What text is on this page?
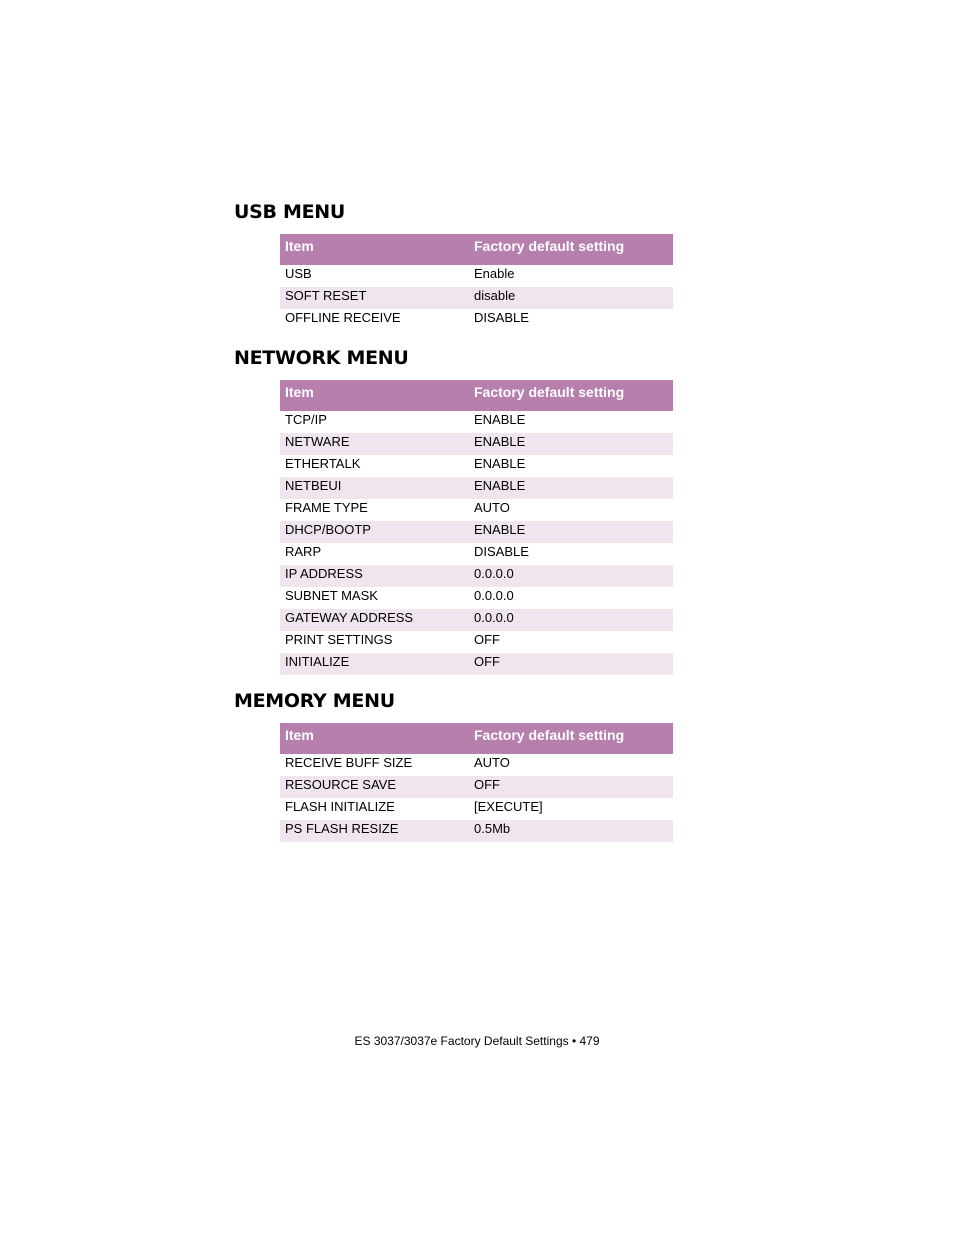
USB MENU
Item	Factory default setting
USB	Enable
SOFT RESET	disable
OFFLINE RECEIVE	DISABLE
NETWORK MENU
Item	Factory default setting
TCP/IP	ENABLE
NETWARE	ENABLE
ETHERTALK	ENABLE
NETBEUI	ENABLE
FRAME TYPE	AUTO
DHCP/BOOTP	ENABLE
RARP	DISABLE
IP ADDRESS	0.0.0.0
SUBNET MASK	0.0.0.0
GATEWAY ADDRESS	0.0.0.0
PRINT SETTINGS	OFF
INITIALIZE	OFF
MEMORY MENU
Item	Factory default setting
RECEIVE BUFF SIZE	AUTO
RESOURCE SAVE	OFF
FLASH INITIALIZE	[EXECUTE]
PS FLASH RESIZE	0.5Mb
ES 3037/3037e Factory Default Settings • 479
